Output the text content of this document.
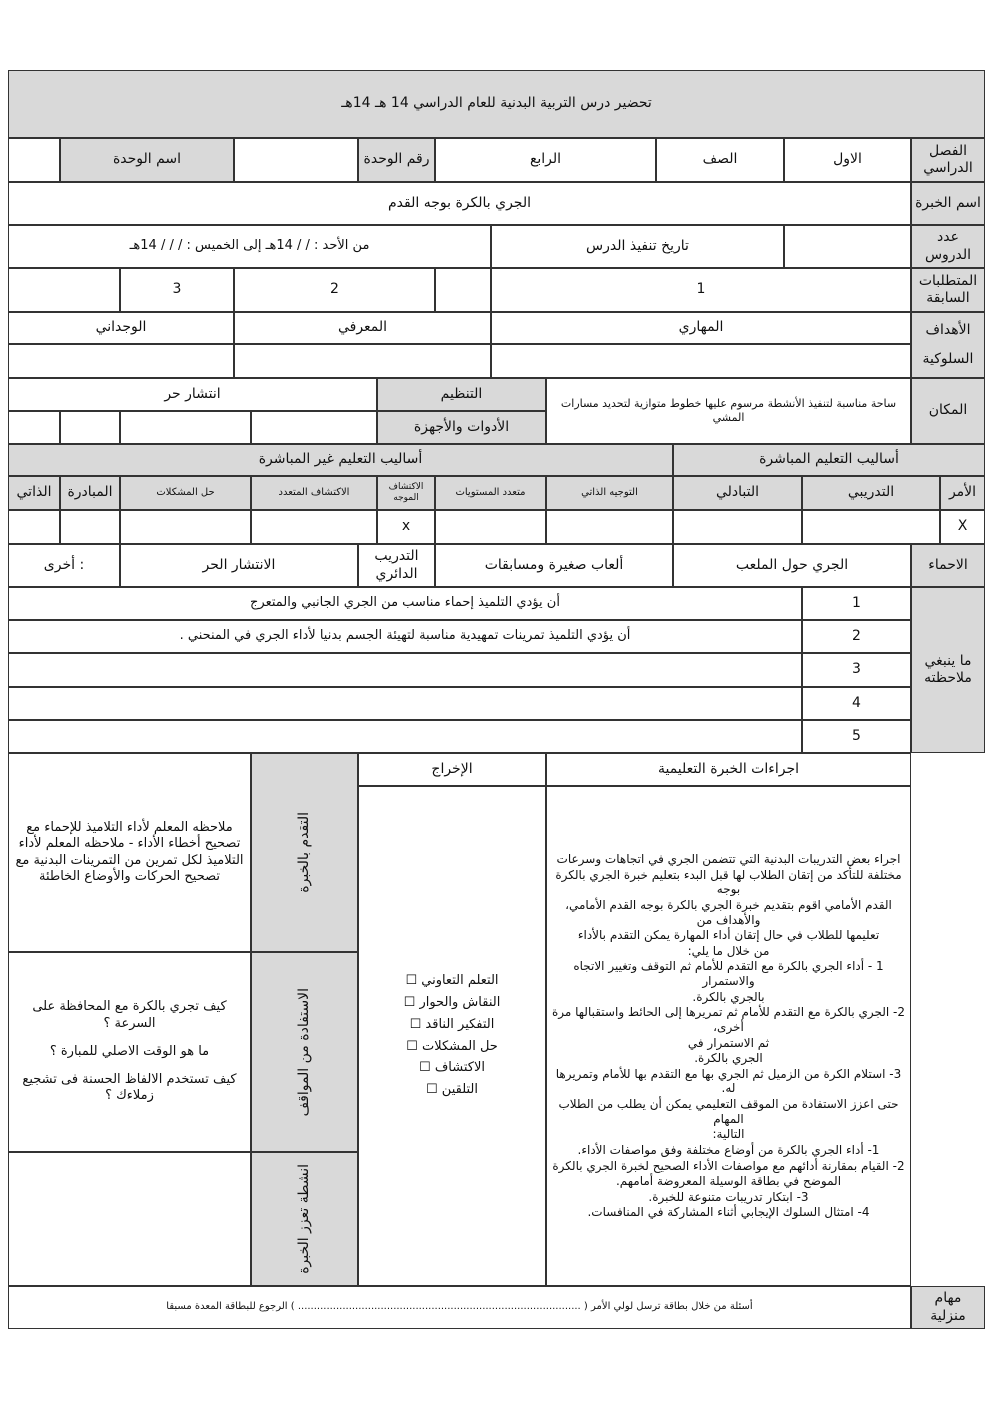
تحضير درس التربية البدنية للعام الدراسي 14 هـ 14هـ
الفصل الدراسي
الاول
الصف
الرابع
رقم الوحدة
اسم الوحدة
اسم الخبرة
الجري بالكرة بوجه القدم
عدد الدروس
تاريخ تنفيذ الدرس
من الأحد : / / 14هـ إلى الخميس : / / / 14هـ
المتطلبات السابقة
1
2
3
الأهداف
السلوكية
المهاري
المعرفي
الوجداني
المكان
ساحة مناسبة لتنفيذ الأنشطة مرسوم عليها خطوط متوازية لتحديد مسارات المشي
التنظيم
انتشار حر
الأدوات والأجهزة
أساليب التعليم المباشرة
أساليب التعليم غير المباشرة
الأمر
التدريبي
التبادلي
التوجيه الذاتي
متعدد المستويات
الاكتشاف الموجه
الاكتشاف المتعدد
حل المشكلات
المبادرة
الذاتي
X
x
الاحماء
الجري حول الملعب
ألعاب صغيرة ومسابقات
التدريب الدائري
الانتشار الحر
أخرى :
ما ينبغي ملاحظته
1
أن يؤدي التلميذ إحماء مناسب من الجري الجانبي والمتعرج
2
أن يؤدي التلميذ تمرينات تمهيدية مناسبة لتهيئة الجسم بدنيا لأداء الجري في المنحني .
3
4
5
اجراءات الخبرة التعليمية
الإخراج
اجراء بعض التدريبات البدنية التي تتضمن الجري في اتجاهات وسرعات
مختلفة للتأكد من إتقان الطلاب لها قبل البدء بتعليم خبرة الجري بالكرة بوجه
القدم الأمامي اقوم بتقديم خبرة الجري بالكرة بوجه القدم الأمامي، والأهداف من
تعليمها للطلاب في حال إتقان أداء المهارة يمكن التقدم بالأداء
من خلال ما يلي:
1 - أداء الجري بالكرة مع التقدم للأمام ثم التوقف وتغيير الاتجاه والاستمرار
بالجري بالكرة.
2- الجري بالكرة مع التقدم للأمام ثم تمريرها إلى الحائط واستقبالها مرة أخرى،
ثم الاستمرار في
الجري بالكرة.
3- استلام الكرة من الزميل ثم الجري بها مع التقدم بها للأمام وتمريرها له.
حتى اعزز الاستفادة من الموقف التعليمي يمكن أن يطلب من الطلاب المهام
التالية:
1- أداء الجري بالكرة من أوضاع مختلفة وفق مواصفات الأداء.
2- القيام بمقارنة أدائهم مع مواصفات الأداء الصحيح لخبرة الجري بالكرة
الموضح في بطاقة الوسيلة المعروضة أمامهم.
3- ابتكار تدريبات متنوعة للخبرة.
4- امتثال السلوك الإيجابي أثناء المشاركة في المنافسات.
التعلم التعاوني ☐
النقاش والحوار ☐
التفكير الناقد ☐
حل المشكلات ☐
الاكتشاف ☐
التلقين ☐
التقدم بالخبرة
ملاحظه المعلم لأداء التلاميذ للإحماء مع تصحيح أخطاء الأداء - ملاحظه المعلم لأداء التلاميذ لكل تمرين من التمرينات البدنية مع تصحيح الحركات والأوضاع الخاطئة
الاستفادة من المواقف
كيف تجري بالكرة مع المحافظة على السرعة ؟
ما هو الوقت الاصلي للمبارة ؟
كيف تستخدم الالفاظ الحسنة فى تشجيع زملاءك ؟
انشطة تعزز الخبرة
مهام منزلية
أسئلة من خلال بطاقة ترسل لولي الأمر ( ......................................................................................... ) الرجوع للبطاقة المعدة مسبقا
